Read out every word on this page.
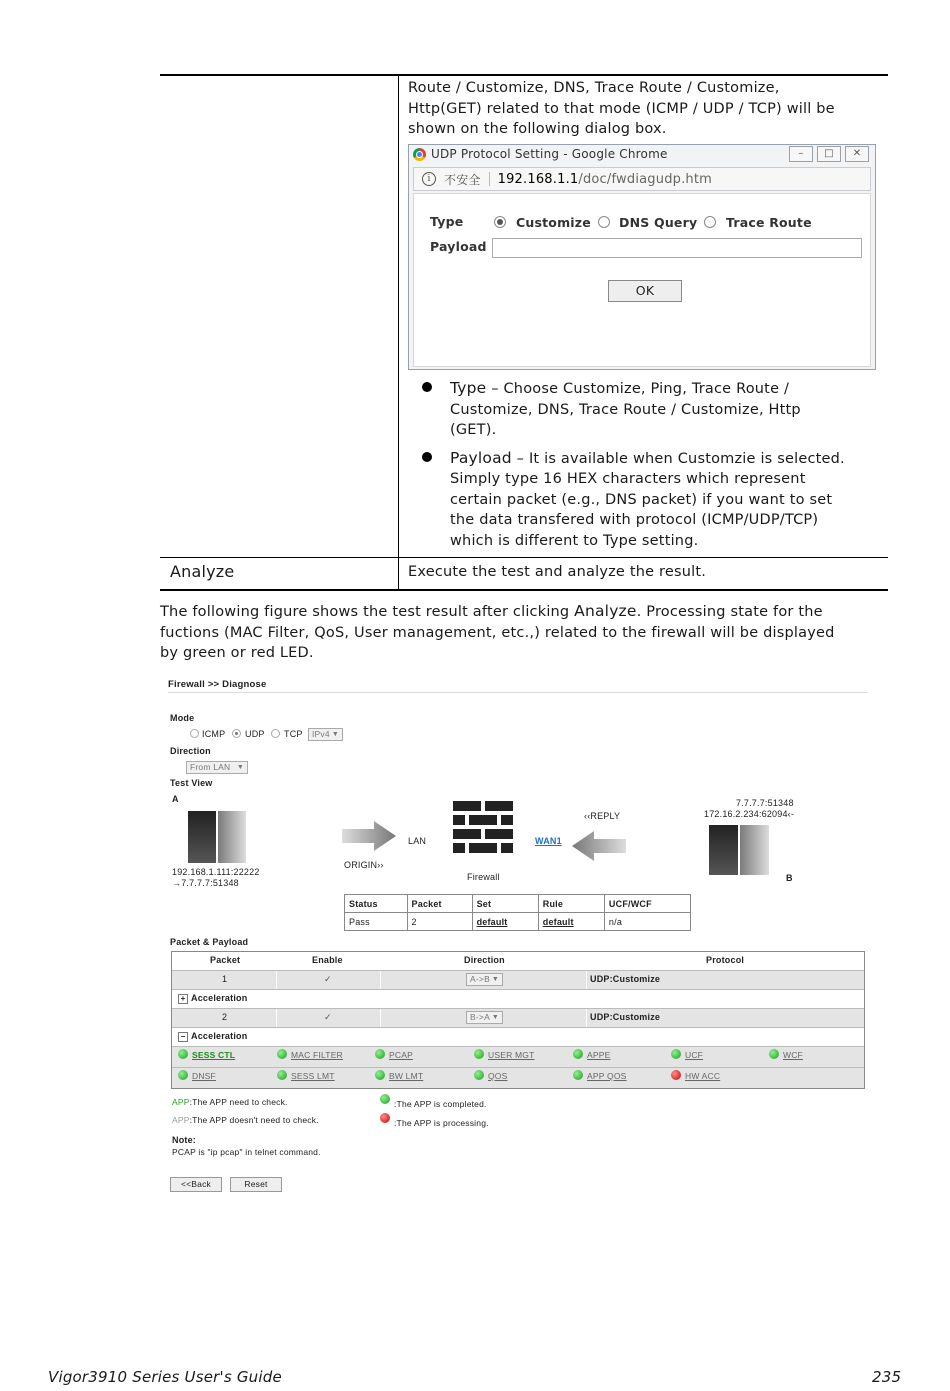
Route / Customize, DNS, Trace Route / Customize,
Http(GET) related to that mode (ICMP / UDP / TCP) will be
shown on the following dialog box.
UDP Protocol Setting - Google Chrome	–	□	✕
i	不安全 192.168.1.1/doc/fwdiagudp.htm
Type	Customize DNS Query Trace Route
Payload
OK
Type – Choose Customize, Ping, Trace Route /
Customize, DNS, Trace Route / Customize, Http
(GET).
Payload – It is available when Customzie is selected.
Simply type 16 HEX characters which represent
certain packet (e.g., DNS packet) if you want to set
the data transfered with protocol (ICMP/UDP/TCP)
which is different to Type setting.
Analyze	Execute the test and analyze the result.
The following figure shows the test result after clicking Analyze. Processing state for the
fuctions (MAC Filter, QoS, User management, etc.,) related to the firewall will be displayed
by green or red LED.
Firewall >> Diagnose
Mode
ICMP UDP TCP	IPv4 ▼
Direction
From LAN ▼
Test View
A
192.168.1.111:22222
→7.7.7.7:51348
ORIGIN››
LAN
Firewall
WAN1
‹‹REPLY
7.7.7.7:51348
172.16.2.234:62094‹-
B
Status	Packet	Set	Rule	UCF/WCF
Pass	2	default	default	n/a
Packet & Payload
Packet	Enable	Direction	Protocol
1	✓	A->B ▼	UDP:Customize
+ Acceleration
2	✓	B->A ▼	UDP:Customize
− Acceleration
SESS CTL	MAC FILTER	PCAP	USER MGT	APPE	UCF	WCF
DNSF	SESS LMT	BW LMT	QOS	APP QOS	HW ACC
APP:The APP need to check.
APP:The APP doesn't need to check.
:The APP is completed.
:The APP is processing.
Note:
PCAP is "ip pcap" in telnet command.
<<Back	Reset
Vigor3910 Series User's Guide	235
